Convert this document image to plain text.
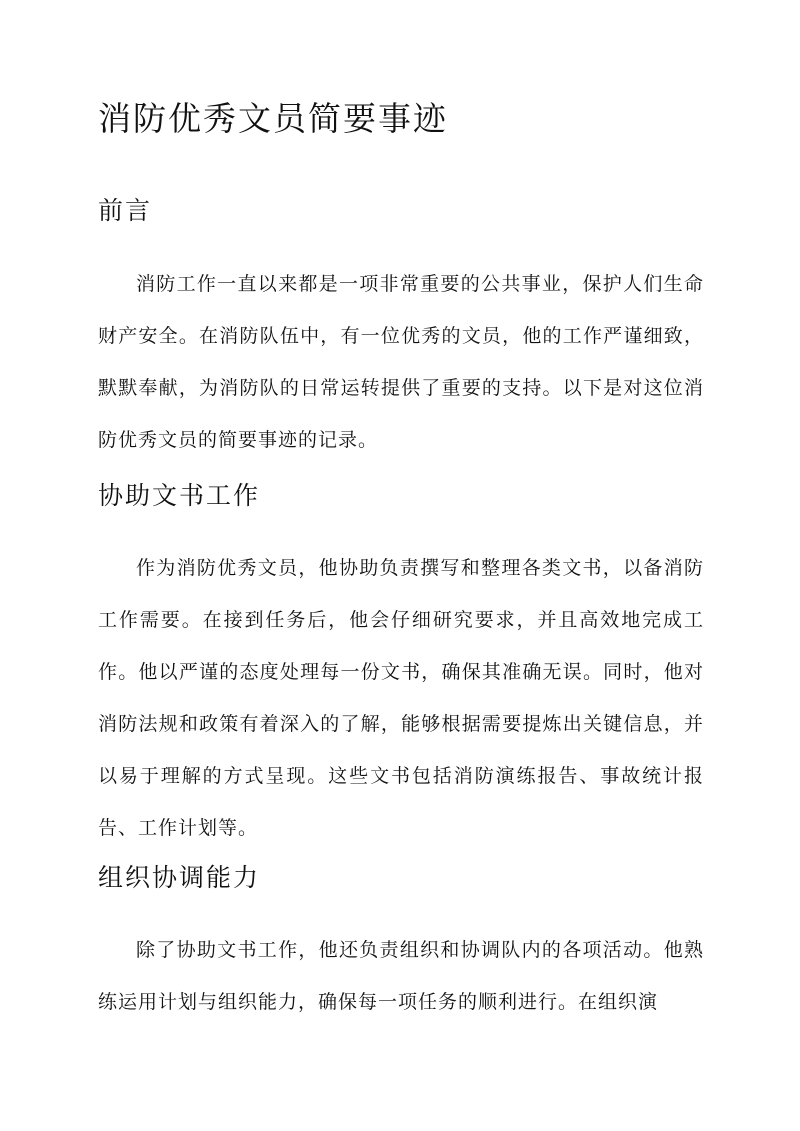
消防优秀文员简要事迹
前言

消防工作一直以来都是一项非常重要的公共事业，保护人们生命财产安全。在消防队伍中，有一位优秀的文员，他的工作严谨细致，默默奉献，为消防队的日常运转提供了重要的支持。以下是对这位消防优秀文员的简要事迹的记录。

协助文书工作

作为消防优秀文员，他协助负责撰写和整理各类文书，以备消防工作需要。在接到任务后，他会仔细研究要求，并且高效地完成工作。他以严谨的态度处理每一份文书，确保其准确无误。同时，他对消防法规和政策有着深入的了解，能够根据需要提炼出关键信息，并以易于理解的方式呈现。这些文书包括消防演练报告、事故统计报告、工作计划等。

组织协调能力

除了协助文书工作，他还负责组织和协调队内的各项活动。他熟练运用计划与组织能力，确保每一项任务的顺利进行。在组织演
